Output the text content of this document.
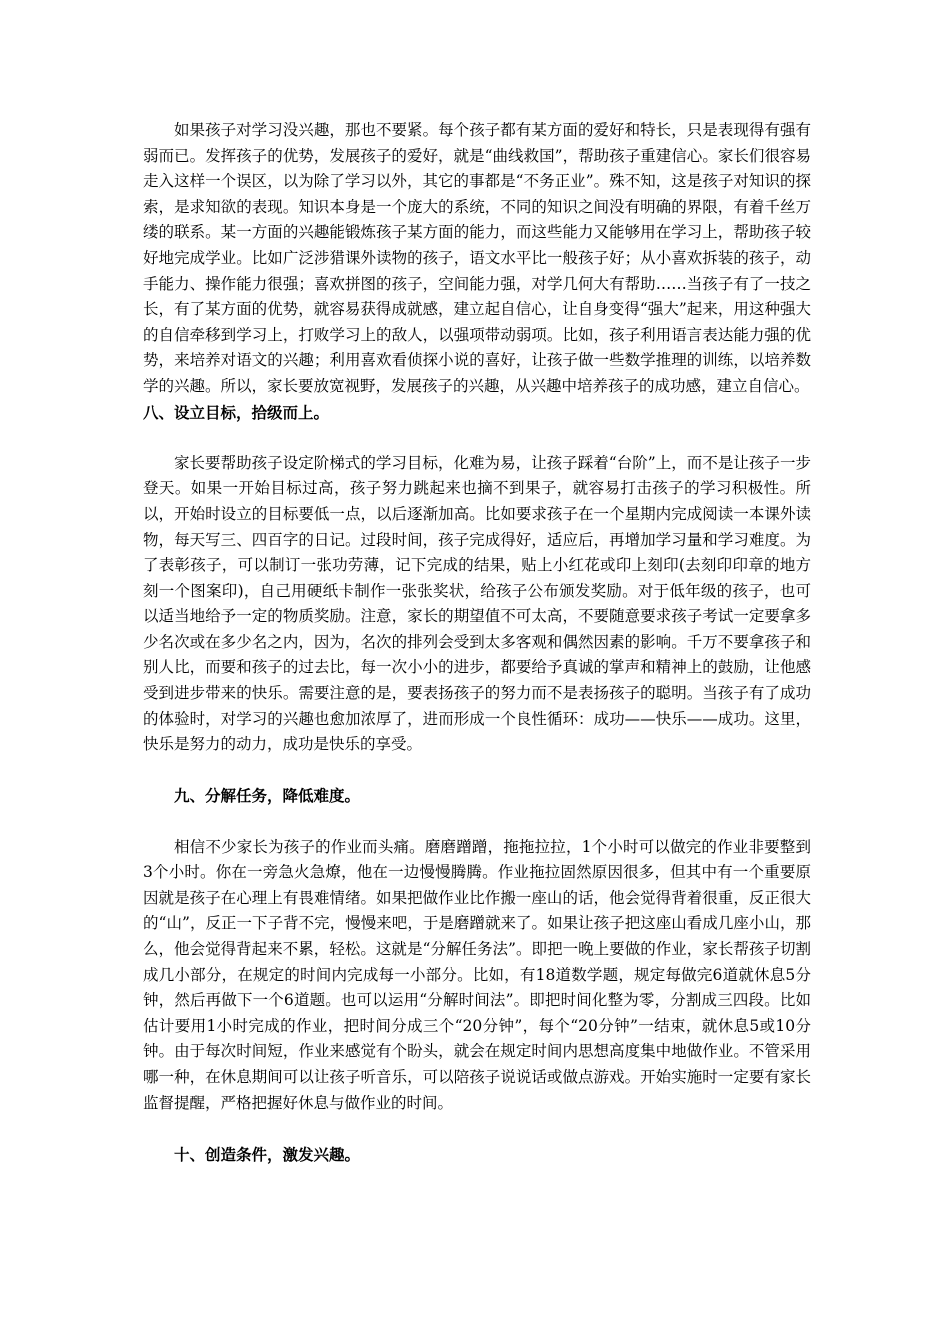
如果孩子对学习没兴趣，那也不要紧。每个孩子都有某方面的爱好和特长，只是表现得有强有弱而已。发挥孩子的优势，发展孩子的爱好，就是“曲线救国”，帮助孩子重建信心。家长们很容易走入这样一个误区，以为除了学习以外，其它的事都是“不务正业”。殊不知，这是孩子对知识的探索，是求知欲的表现。知识本身是一个庞大的系统，不同的知识之间没有明确的界限，有着千丝万缕的联系。某一方面的兴趣能锻炼孩子某方面的能力，而这些能力又能够用在学习上，帮助孩子较好地完成学业。比如广泛涉猎课外读物的孩子，语文水平比一般孩子好；从小喜欢拆装的孩子，动手能力、操作能力很强；喜欢拼图的孩子，空间能力强，对学几何大有帮助……当孩子有了一技之长，有了某方面的优势，就容易获得成就感，建立起自信心，让自身变得“强大”起来，用这种强大的自信牵移到学习上，打败学习上的敌人，以强项带动弱项。比如，孩子利用语言表达能力强的优势，来培养对语文的兴趣；利用喜欢看侦探小说的喜好，让孩子做一些数学推理的训练，以培养数学的兴趣。所以，家长要放宽视野，发展孩子的兴趣，从兴趣中培养孩子的成功感，建立自信心。

八、设立目标，拾级而上。

家长要帮助孩子设定阶梯式的学习目标，化难为易，让孩子踩着“台阶”上，而不是让孩子一步登天。如果一开始目标过高，孩子努力跳起来也摘不到果子，就容易打击孩子的学习积极性。所以，开始时设立的目标要低一点，以后逐渐加高。比如要求孩子在一个星期内完成阅读一本课外读物，每天写三、四百字的日记。过段时间，孩子完成得好，适应后，再增加学习量和学习难度。为了表彰孩子，可以制订一张功劳薄，记下完成的结果，贴上小红花或印上刻印(去刻印印章的地方刻一个图案印)，自己用硬纸卡制作一张张奖状，给孩子公布颁发奖励。对于低年级的孩子，也可以适当地给予一定的物质奖励。注意，家长的期望值不可太高，不要随意要求孩子考试一定要拿多少名次或在多少名之内，因为，名次的排列会受到太多客观和偶然因素的影响。千万不要拿孩子和别人比，而要和孩子的过去比，每一次小小的进步，都要给予真诚的掌声和精神上的鼓励，让他感受到进步带来的快乐。需要注意的是，要表扬孩子的努力而不是表扬孩子的聪明。当孩子有了成功的体验时，对学习的兴趣也愈加浓厚了，进而形成一个良性循环：成功——快乐——成功。这里，快乐是努力的动力，成功是快乐的享受。

九、分解任务，降低难度。

相信不少家长为孩子的作业而头痛。磨磨蹭蹭，拖拖拉拉，1个小时可以做完的作业非要整到3个小时。你在一旁急火急燎，他在一边慢慢腾腾。作业拖拉固然原因很多，但其中有一个重要原因就是孩子在心理上有畏难情绪。如果把做作业比作搬一座山的话，他会觉得背着很重，反正很大的“山”，反正一下子背不完，慢慢来吧，于是磨蹭就来了。如果让孩子把这座山看成几座小山，那么，他会觉得背起来不累，轻松。这就是“分解任务法”。即把一晚上要做的作业，家长帮孩子切割成几小部分，在规定的时间内完成每一小部分。比如，有18道数学题，规定每做完6道就休息5分钟，然后再做下一个6道题。也可以运用“分解时间法”。即把时间化整为零，分割成三四段。比如估计要用1小时完成的作业，把时间分成三个“20分钟”，每个“20分钟”一结束，就休息5或10分钟。由于每次时间短，作业来感觉有个盼头，就会在规定时间内思想高度集中地做作业。不管采用哪一种，在休息期间可以让孩子听音乐，可以陪孩子说说话或做点游戏。开始实施时一定要有家长监督提醒，严格把握好休息与做作业的时间。

十、创造条件，激发兴趣。
